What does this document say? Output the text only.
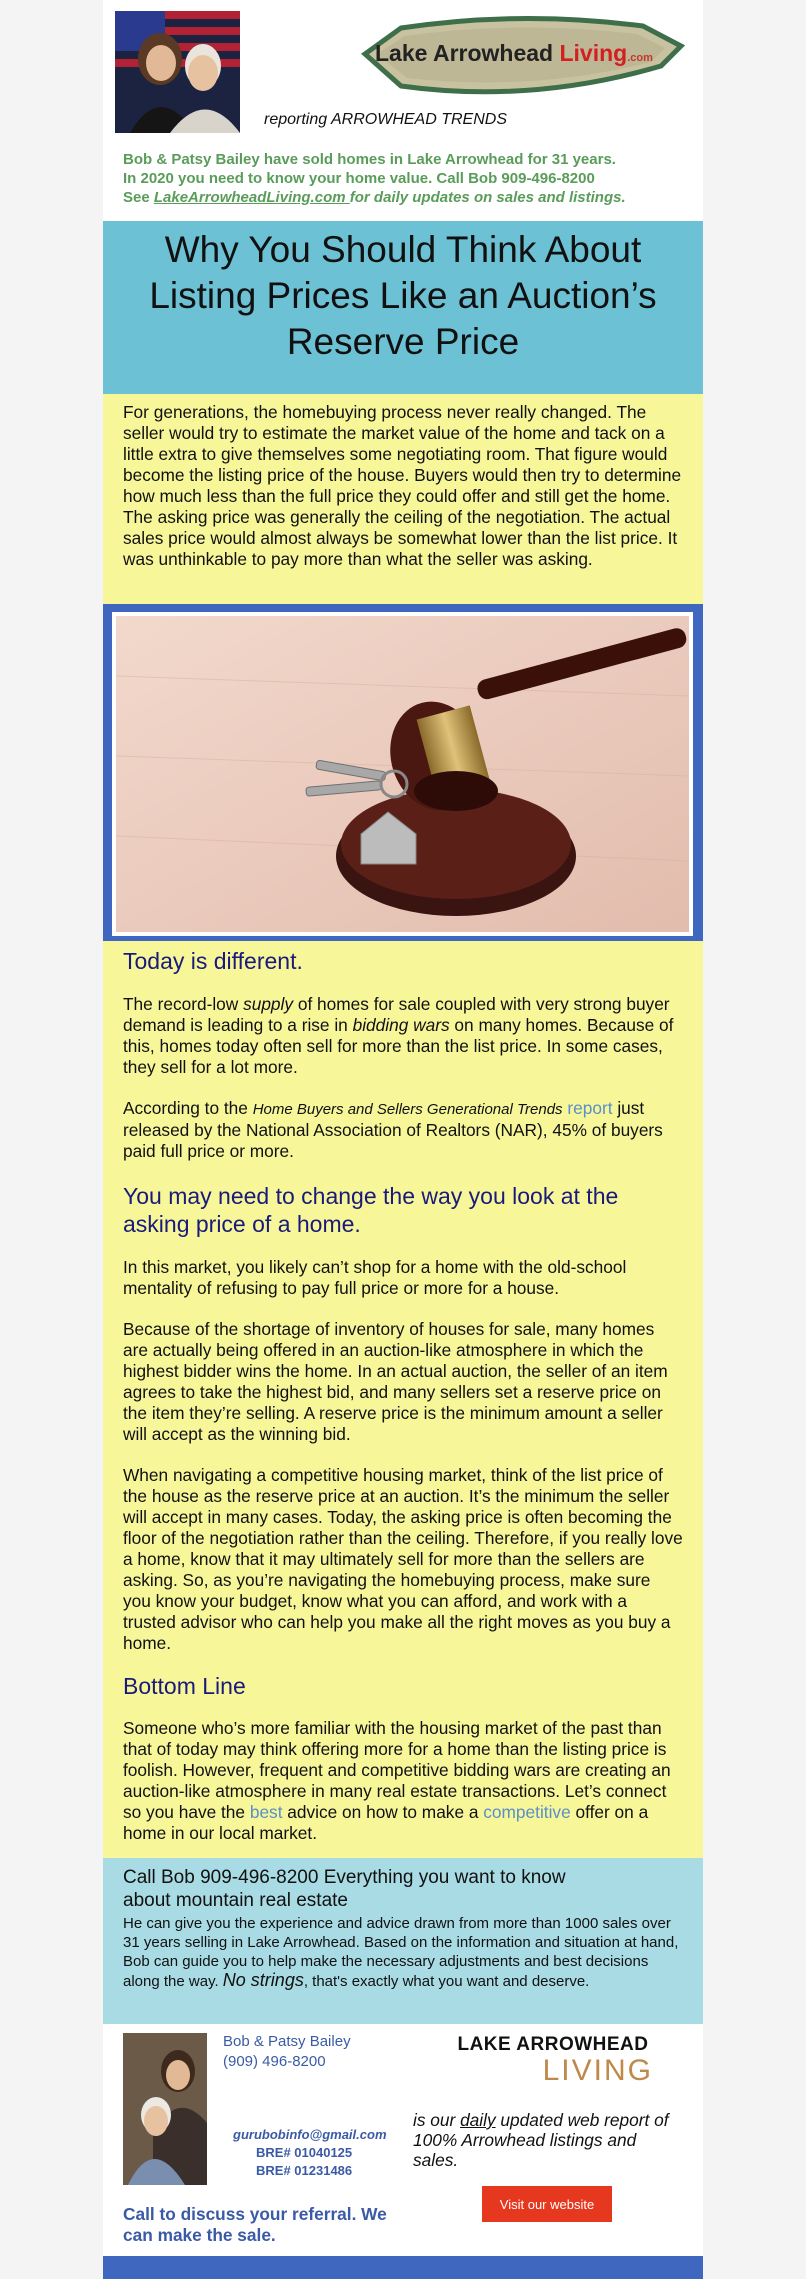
Lake Arrowhead Living.com
reporting ARROWHEAD TRENDS
Bob & Patsy Bailey have sold homes in Lake Arrowhead for 31 years.
In 2020 you need to know your home value. Call Bob 909-496-8200
See LakeArrowheadLiving.com for daily updates on sales and listings.
Why You Should Think About Listing Prices Like an Auction’s Reserve Price

For generations, the homebuying process never really changed. The seller would try to estimate the market value of the home and tack on a little extra to give themselves some negotiating room. That figure would become the listing price of the house. Buyers would then try to determine how much less than the full price they could offer and still get the home. The asking price was generally the ceiling of the negotiation. The actual sales price would almost always be somewhat lower than the list price. It was unthinkable to pay more than what the seller was asking.

Today is different.

The record-low supply of homes for sale coupled with very strong buyer demand is leading to a rise in bidding wars on many homes. Because of this, homes today often sell for more than the list price. In some cases, they sell for a lot more.

According to the Home Buyers and Sellers Generational Trends report just released by the National Association of Realtors (NAR), 45% of buyers paid full price or more.

You may need to change the way you look at the asking price of a home.

In this market, you likely can’t shop for a home with the old-school mentality of refusing to pay full price or more for a house.

Because of the shortage of inventory of houses for sale, many homes are actually being offered in an auction-like atmosphere in which the highest bidder wins the home. In an actual auction, the seller of an item agrees to take the highest bid, and many sellers set a reserve price on the item they’re selling. A reserve price is the minimum amount a seller will accept as the winning bid.

When navigating a competitive housing market, think of the list price of the house as the reserve price at an auction. It’s the minimum the seller will accept in many cases. Today, the asking price is often becoming the floor of the negotiation rather than the ceiling. Therefore, if you really love a home, know that it may ultimately sell for more than the sellers are asking. So, as you’re navigating the homebuying process, make sure you know your budget, know what you can afford, and work with a trusted advisor who can help you make all the right moves as you buy a home.

Bottom Line

Someone who’s more familiar with the housing market of the past than that of today may think offering more for a home than the listing price is foolish. However, frequent and competitive bidding wars are creating an auction-like atmosphere in many real estate transactions. Let’s connect so you have the best advice on how to make a competitive offer on a home in our local market.

Call Bob 909-496-8200 Everything you want to know
about mountain real estate
He can give you the experience and advice drawn from more than 1000 sales over 31 years selling in Lake Arrowhead. Based on the information and situation at hand, Bob can guide you to help make the necessary adjustments and best decisions along the way. No strings, that's exactly what you want and deserve.
Bob & Patsy Bailey
(909) 496-8200
gurubobinfo@gmail.com
BRE# 01040125
BRE# 01231486
Call to discuss your referral. We can make the sale.
LAKE ARROWHEAD
LIVING
is our daily updated web report of 100% Arrowhead listings and sales.
Visit our website
